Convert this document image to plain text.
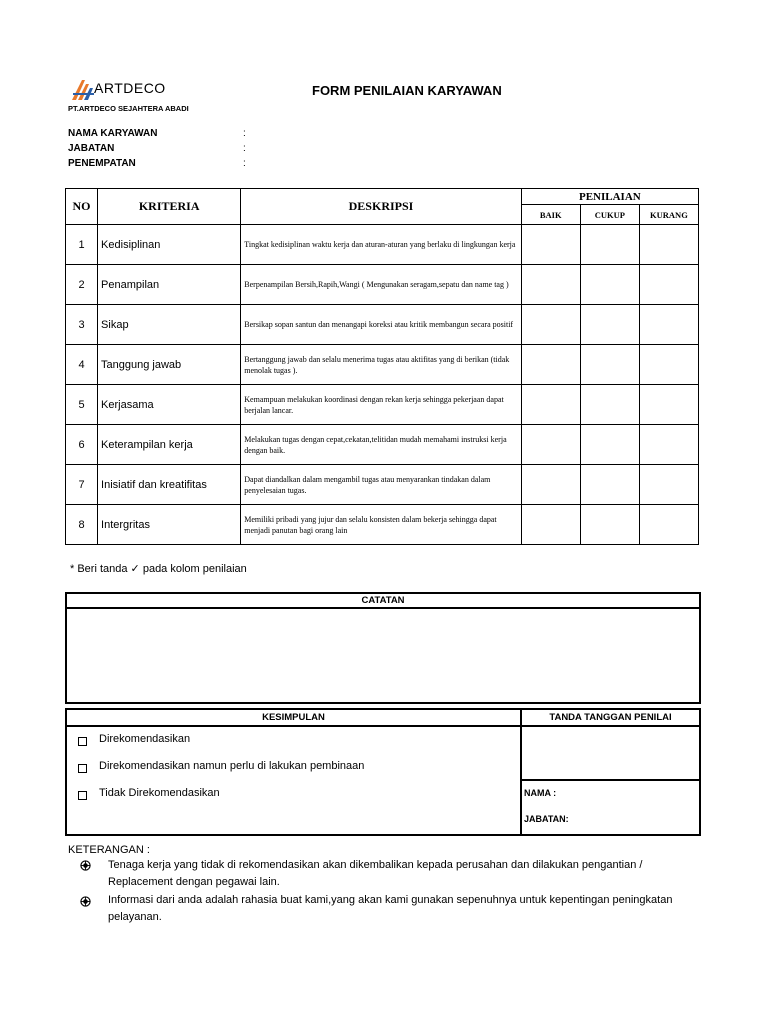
ARTDECO
PT.ARTDECO SEJAHTERA ABADI
FORM PENILAIAN KARYAWAN
NAMA KARYAWAN	:
JABATAN	:
PENEMPATAN	:
NO	KRITERIA	DESKRIPSI	PENILAIAN		
			BAIK	CUKUP	KURANG
1	Kedisiplinan	Tingkat kedisiplinan waktu kerja dan aturan-aturan yang berlaku di lingkungan kerja			
2	Penampilan	Berpenampilan Bersih,Rapih,Wangi ( Mengunakan seragam,sepatu dan name tag )			
3	Sikap	Bersikap sopan santun dan menangapi koreksi atau kritik membangun secara positif			
4	Tanggung jawab	Bertanggung jawab dan selalu menerima tugas atau aktifitas yang di berikan (tidak menolak tugas ).			
5	Kerjasama	Kemampuan melakukan koordinasi dengan rekan kerja sehingga pekerjaan dapat berjalan lancar.			
6	Keterampilan kerja	Melakukan tugas dengan cepat,cekatan,telitidan mudah memahami instruksi kerja dengan baik.			
7	Inisiatif dan kreatifitas	Dapat diandalkan dalam mengambil tugas atau menyarankan tindakan dalam penyelesaian tugas.			
8	Intergritas	Memiliki pribadi yang jujur dan selalu konsisten dalam bekerja sehingga dapat menjadi panutan bagi orang lain			
* Beri tanda ✓ pada kolom penilaian
CATATAN
KESIMPULAN	TANDA TANGGAN PENILAI
Direkomendasikan
Direkomendasikan namun perlu di lakukan pembinaan
Tidak Direkomendasikan	NAMA :
JABATAN:
KETERANGAN :
Tenaga kerja yang tidak di rekomendasikan akan dikembalikan kepada perusahan dan dilakukan pengantian / Replacement dengan pegawai lain.
Informasi dari anda adalah rahasia buat kami,yang akan kami gunakan sepenuhnya untuk kepentingan peningkatan pelayanan.
